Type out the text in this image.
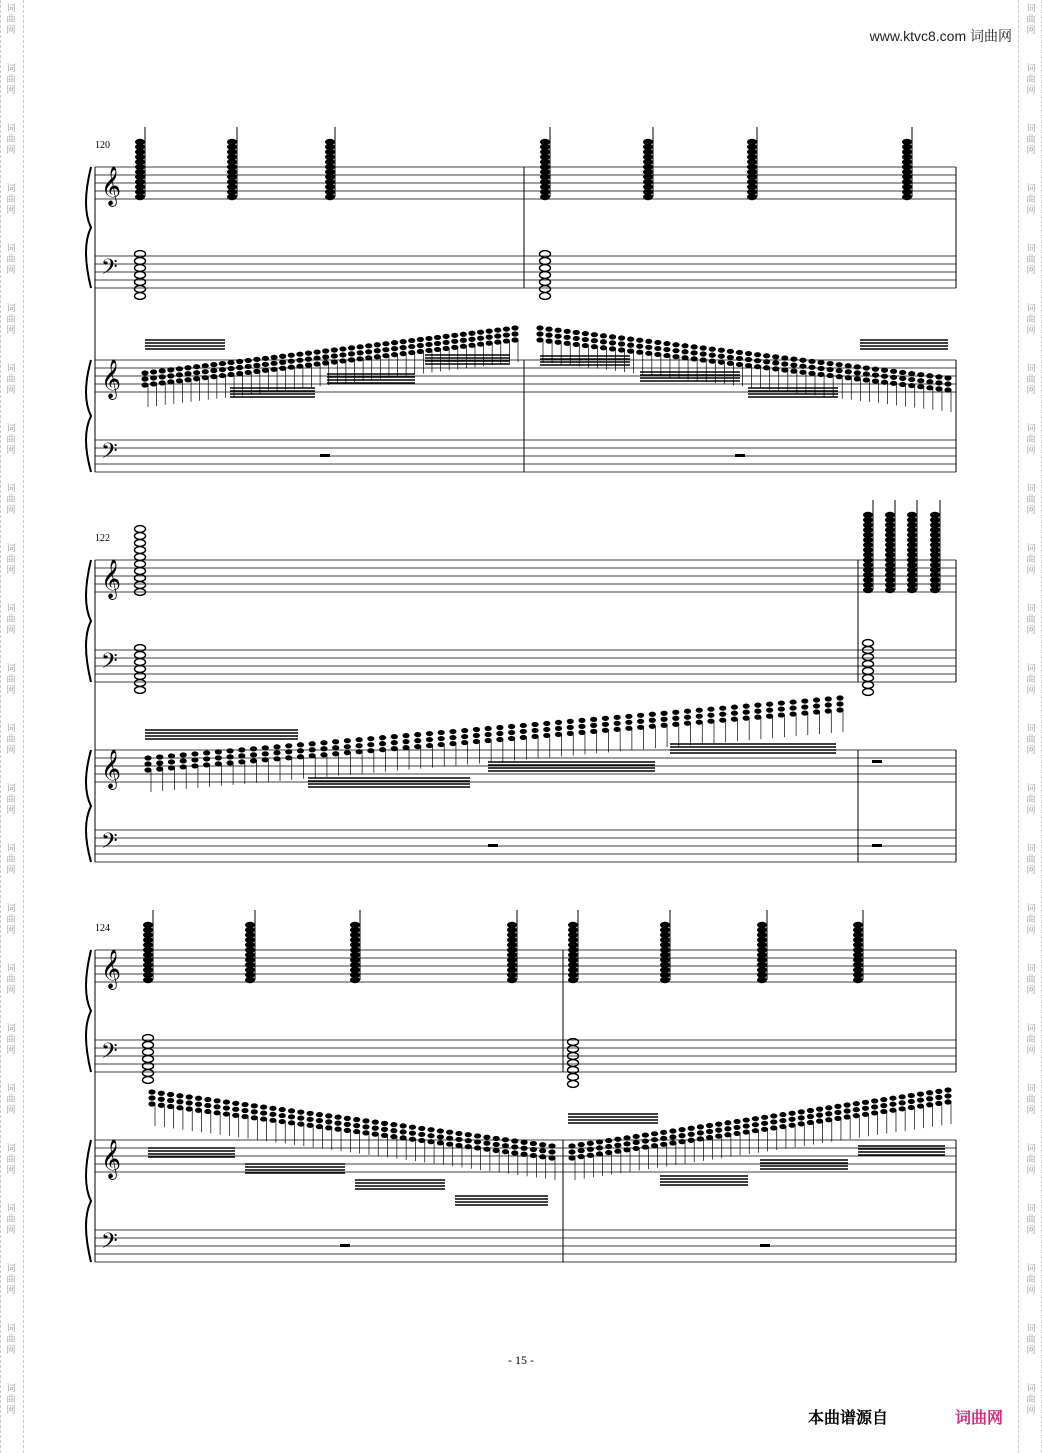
www.ktvc8.com 词曲网
𝄞
𝄢
𝄞
𝄢
𝄞
𝄢
𝄞
𝄢
𝄞
𝄢
𝄞
𝄢
120
122
124
- 15 -
本曲谱源自	词曲网
词
曲
网
词
曲
网
词
曲
网
词
曲
网
词
曲
网
词
曲
网
词
曲
网
词
曲
网
词
曲
网
词
曲
网
词
曲
网
词
曲
网
词
曲
网
词
曲
网
词
曲
网
词
曲
网
词
曲
网
词
曲
网
词
曲
网
词
曲
网
词
曲
网
词
曲
网
词
曲
网
词
曲
网
词
曲
网
词
曲
网
词
曲
网
词
曲
网
词
曲
网
词
曲
网
词
曲
网
词
曲
网
词
曲
网
词
曲
网
词
曲
网
词
曲
网
词
曲
网
词
曲
网
词
曲
网
词
曲
网
词
曲
网
词
曲
网
词
曲
网
词
曲
网
词
曲
网
词
曲
网
词
曲
网
词
曲
网
